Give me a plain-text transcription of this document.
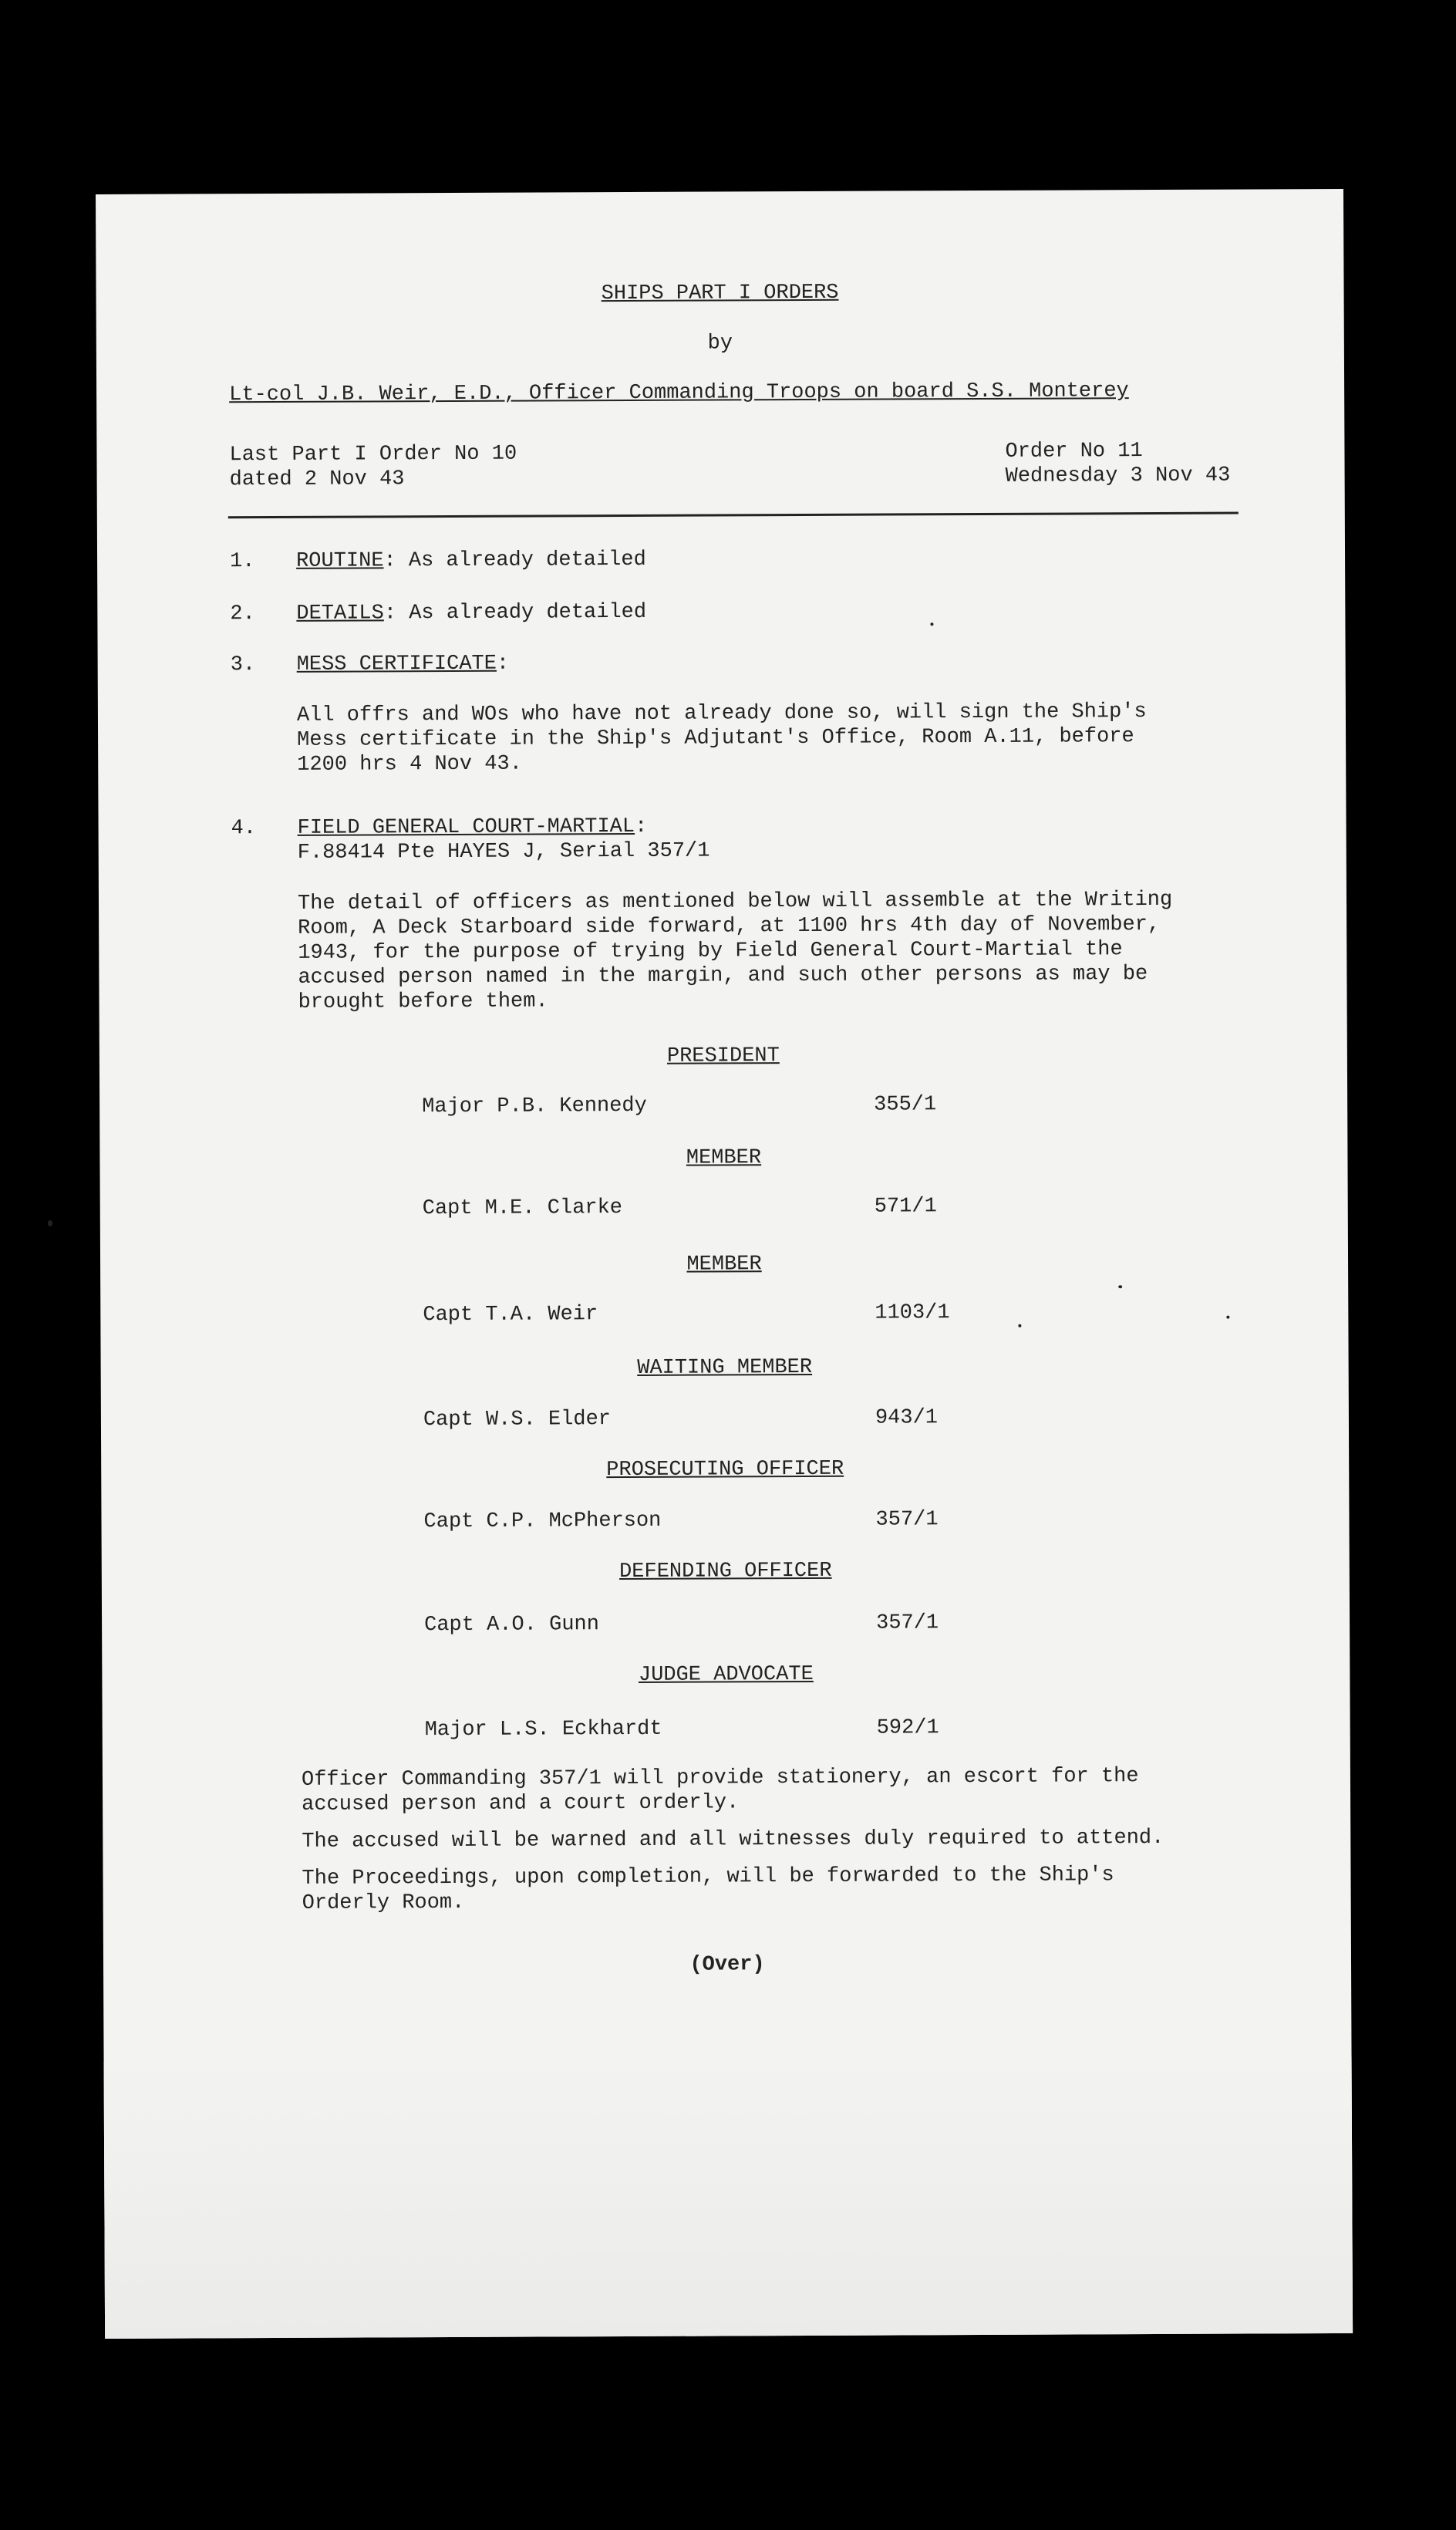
SHIPS PART I ORDERS
by
Lt-col J.B. Weir, E.D., Officer Commanding Troops on board S.S. Monterey
Last Part I Order No 10
dated 2 Nov 43
Order No 11
Wednesday 3 Nov 43
1. ROUTINE: As already detailed
2. DETAILS: As already detailed
3. MESS CERTIFICATE:
All offrs and WOs who have not already done so, will sign the Ship's
Mess certificate in the Ship's Adjutant's Office, Room A.11, before
1200 hrs 4 Nov 43.
4. FIELD GENERAL COURT-MARTIAL:
F.88414 Pte HAYES J, Serial 357/1
The detail of officers as mentioned below will assemble at the Writing
Room, A Deck Starboard side forward, at 1100 hrs 4th day of November,
1943, for the purpose of trying by Field General Court-Martial the
accused person named in the margin, and such other persons as may be
brought before them.
PRESIDENT
Major P.B. Kennedy	355/1
MEMBER
Capt M.E. Clarke	571/1
MEMBER
Capt T.A. Weir	1103/1
WAITING MEMBER
Capt W.S. Elder	943/1
PROSECUTING OFFICER
Capt C.P. McPherson	357/1
DEFENDING OFFICER
Capt A.O. Gunn	357/1
JUDGE ADVOCATE
Major L.S. Eckhardt	592/1
Officer Commanding 357/1 will provide stationery, an escort for the
accused person and a court orderly.
The accused will be warned and all witnesses duly required to attend.
The Proceedings, upon completion, will be forwarded to the Ship's
Orderly Room.
(Over)
